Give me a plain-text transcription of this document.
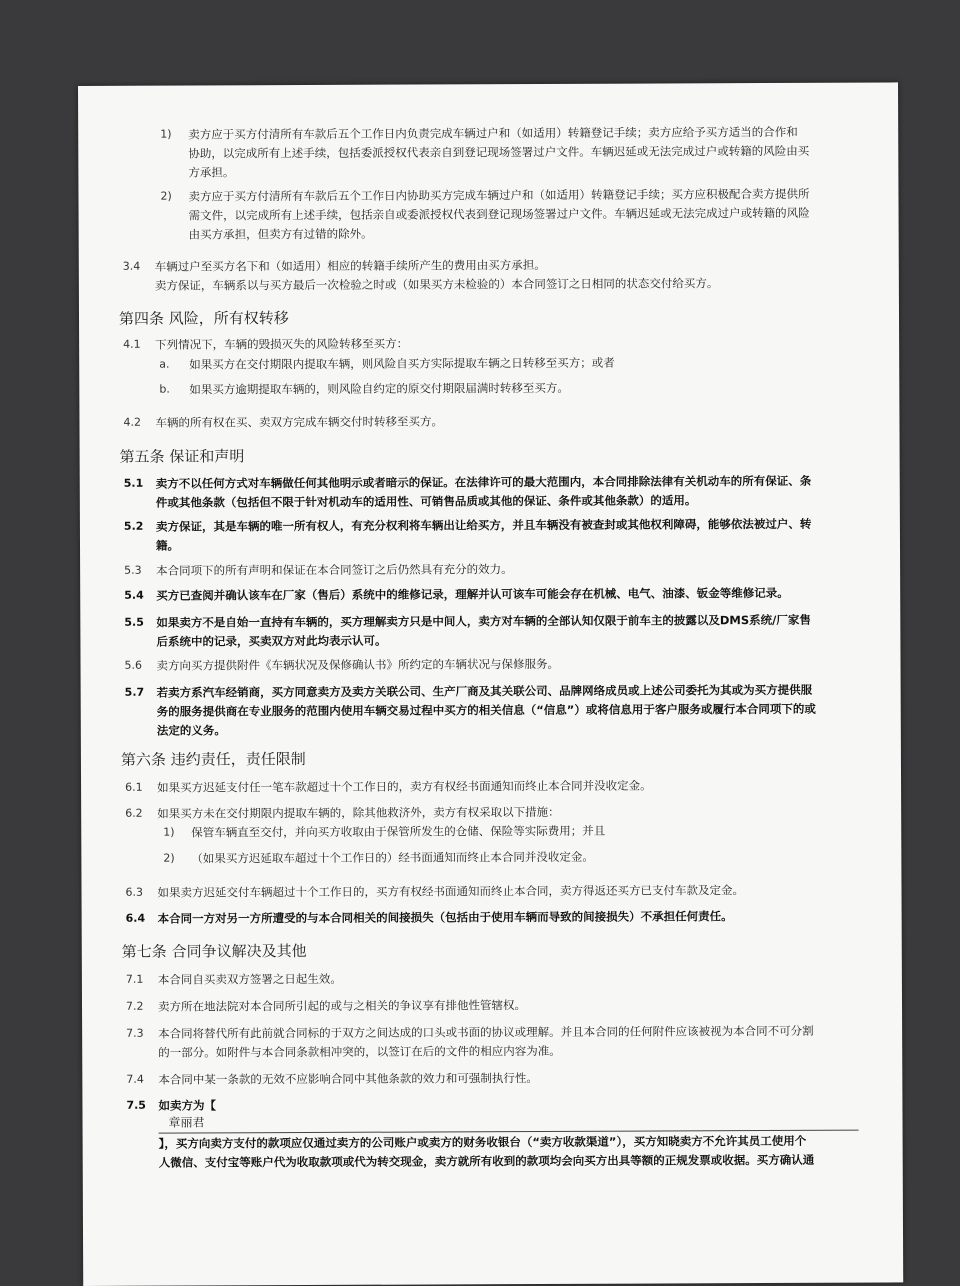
1) 卖方应于买方付清所有车款后五个工作日内负责完成车辆过户和（如适用）转籍登记手续；卖方应给予买方适当的合作和
协助，以完成所有上述手续，包括委派授权代表亲自到登记现场签署过户文件。车辆迟延或无法完成过户或转籍的风险由买
方承担。
2) 卖方应于买方付清所有车款后五个工作日内协助买方完成车辆过户和（如适用）转籍登记手续；买方应积极配合卖方提供所
需文件，以完成所有上述手续，包括亲自或委派授权代表到登记现场签署过户文件。车辆迟延或无法完成过户或转籍的风险
由买方承担，但卖方有过错的除外。
3.4 车辆过户至买方名下和（如适用）相应的转籍手续所产生的费用由买方承担。
卖方保证，车辆系以与买方最后一次检验之时或（如果买方未检验的）本合同签订之日相同的状态交付给买方。
第四条 风险，所有权转移
4.1 下列情况下，车辆的毁损灭失的风险转移至买方：
a. 如果买方在交付期限内提取车辆，则风险自买方实际提取车辆之日转移至买方；或者
b. 如果买方逾期提取车辆的，则风险自约定的原交付期限届满时转移至买方。
4.2 车辆的所有权在买、卖双方完成车辆交付时转移至买方。
第五条 保证和声明
5.1 卖方不以任何方式对车辆做任何其他明示或者暗示的保证。在法律许可的最大范围内，本合同排除法律有关机动车的所有保证、条
件或其他条款（包括但不限于针对机动车的适用性、可销售品质或其他的保证、条件或其他条款）的适用。
5.2 卖方保证，其是车辆的唯一所有权人，有充分权利将车辆出让给买方，并且车辆没有被查封或其他权利障碍，能够依法被过户、转
籍。
5.3 本合同项下的所有声明和保证在本合同签订之后仍然具有充分的效力。
5.4 买方已查阅并确认该车在厂家（售后）系统中的维修记录，理解并认可该车可能会存在机械、电气、油漆、钣金等维修记录。
5.5 如果卖方不是自始一直持有车辆的，买方理解卖方只是中间人，卖方对车辆的全部认知仅限于前车主的披露以及DMS系统/厂家售
后系统中的记录，买卖双方对此均表示认可。
5.6 卖方向买方提供附件《车辆状况及保修确认书》所约定的车辆状况与保修服务。
5.7 若卖方系汽车经销商，买方同意卖方及卖方关联公司、生产厂商及其关联公司、品牌网络成员或上述公司委托为其或为买方提供服
务的服务提供商在专业服务的范围内使用车辆交易过程中买方的相关信息（“信息”）或将信息用于客户服务或履行本合同项下的或
法定的义务。
第六条 违约责任，责任限制
6.1 如果买方迟延支付任一笔车款超过十个工作日的，卖方有权经书面通知而终止本合同并没收定金。
6.2 如果买方未在交付期限内提取车辆的，除其他救济外，卖方有权采取以下措施：
1) 保管车辆直至交付，并向买方收取由于保管所发生的仓储、保险等实际费用；并且
2) （如果买方迟延取车超过十个工作日的）经书面通知而终止本合同并没收定金。
6.3 如果卖方迟延交付车辆超过十个工作日的，买方有权经书面通知而终止本合同，卖方得返还买方已支付车款及定金。
6.4 本合同一方对另一方所遭受的与本合同相关的间接损失（包括由于使用车辆而导致的间接损失）不承担任何责任。
第七条 合同争议解决及其他
7.1 本合同自买卖双方签署之日起生效。
7.2 卖方所在地法院对本合同所引起的或与之相关的争议享有排他性管辖权。
7.3 本合同将替代所有此前就合同标的于双方之间达成的口头或书面的协议或理解。并且本合同的任何附件应该被视为本合同不可分割
的一部分。如附件与本合同条款相冲突的，以签订在后的文件的相应内容为准。
7.4 本合同中某一条款的无效不应影响合同中其他条款的效力和可强制执行性。
7.5 如卖方为【
章丽君
】，买方向卖方支付的款项应仅通过卖方的公司账户或卖方的财务收银台（“卖方收款渠道”），买方知晓卖方不允许其员工使用个
人微信、支付宝等账户代为收取款项或代为转交现金，卖方就所有收到的款项均会向买方出具等额的正规发票或收据。买方确认通
